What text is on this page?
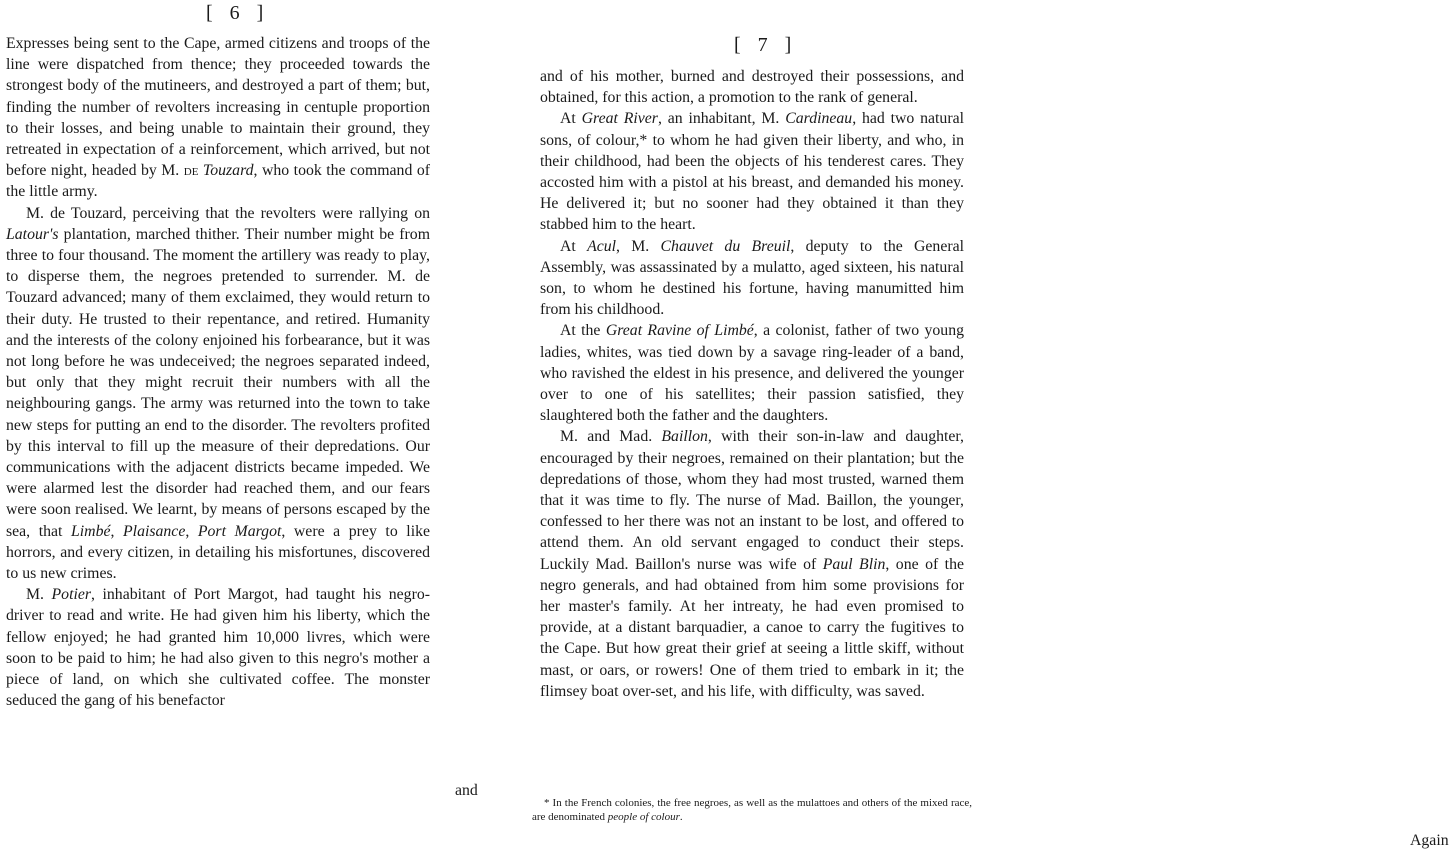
[ 6 ]

Expresses being sent to the Cape, armed citizens and troops of the line were dispatched from thence; they proceeded towards the strongest body of the mutineers, and destroyed a part of them; but, finding the number of revolters increasing in centuple proportion to their losses, and being unable to maintain their ground, they retreated in expectation of a reinforcement, which arrived, but not before night, headed by M. de Touzard, who took the command of the little army.

M. de Touzard, perceiving that the revolters were rallying on Latour's plantation, marched thither. Their number might be from three to four thousand. The moment the artillery was ready to play, to disperse them, the negroes pretended to surrender. M. de Touzard advanced; many of them exclaimed, they would return to their duty. He trusted to their repentance, and retired. Humanity and the interests of the colony enjoined his forbearance, but it was not long before he was undeceived; the negroes separated indeed, but only that they might recruit their numbers with all the neighbouring gangs. The army was returned into the town to take new steps for putting an end to the disorder. The revolters profited by this interval to fill up the measure of their depredations. Our communications with the adjacent districts became impeded. We were alarmed lest the disorder had reached them, and our fears were soon realised. We learnt, by means of persons escaped by the sea, that Limbé, Plaisance, Port Margot, were a prey to like horrors, and every citizen, in detailing his misfortunes, discovered to us new crimes.

M. Potier, inhabitant of Port Margot, had taught his negro-driver to read and write. He had given him his liberty, which the fellow enjoyed; he had granted him 10,000 livres, which were soon to be paid to him; he had also given to this negro's mother a piece of land, on which she cultivated coffee. The monster seduced the gang of his benefactor

and
[ 7 ]

and of his mother, burned and destroyed their possessions, and obtained, for this action, a promotion to the rank of general.

At Great River, an inhabitant, M. Cardineau, had two natural sons, of colour,* to whom he had given their liberty, and who, in their childhood, had been the objects of his tenderest cares. They accosted him with a pistol at his breast, and demanded his money. He delivered it; but no sooner had they obtained it than they stabbed him to the heart.

At Acul, M. Chauvet du Breuil, deputy to the General Assembly, was assassinated by a mulatto, aged sixteen, his natural son, to whom he destined his fortune, having manumitted him from his childhood.

At the Great Ravine of Limbé, a colonist, father of two young ladies, whites, was tied down by a savage ring-leader of a band, who ravished the eldest in his presence, and delivered the younger over to one of his satellites; their passion satisfied, they slaughtered both the father and the daughters.

M. and Mad. Baillon, with their son-in-law and daughter, encouraged by their negroes, remained on their plantation; but the depredations of those, whom they had most trusted, warned them that it was time to fly. The nurse of Mad. Baillon, the younger, confessed to her there was not an instant to be lost, and offered to attend them. An old servant engaged to conduct their steps. Luckily Mad. Baillon's nurse was wife of Paul Blin, one of the negro generals, and had obtained from him some provisions for her master's family. At her intreaty, he had even promised to provide, at a distant barquadier, a canoe to carry the fugitives to the Cape. But how great their grief at seeing a little skiff, without mast, or oars, or rowers! One of them tried to embark in it; the flimsey boat over-set, and his life, with difficulty, was saved.

Again

* In the French colonies, the free negroes, as well as the mulattoes and others of the mixed race, are denominated people of colour.
